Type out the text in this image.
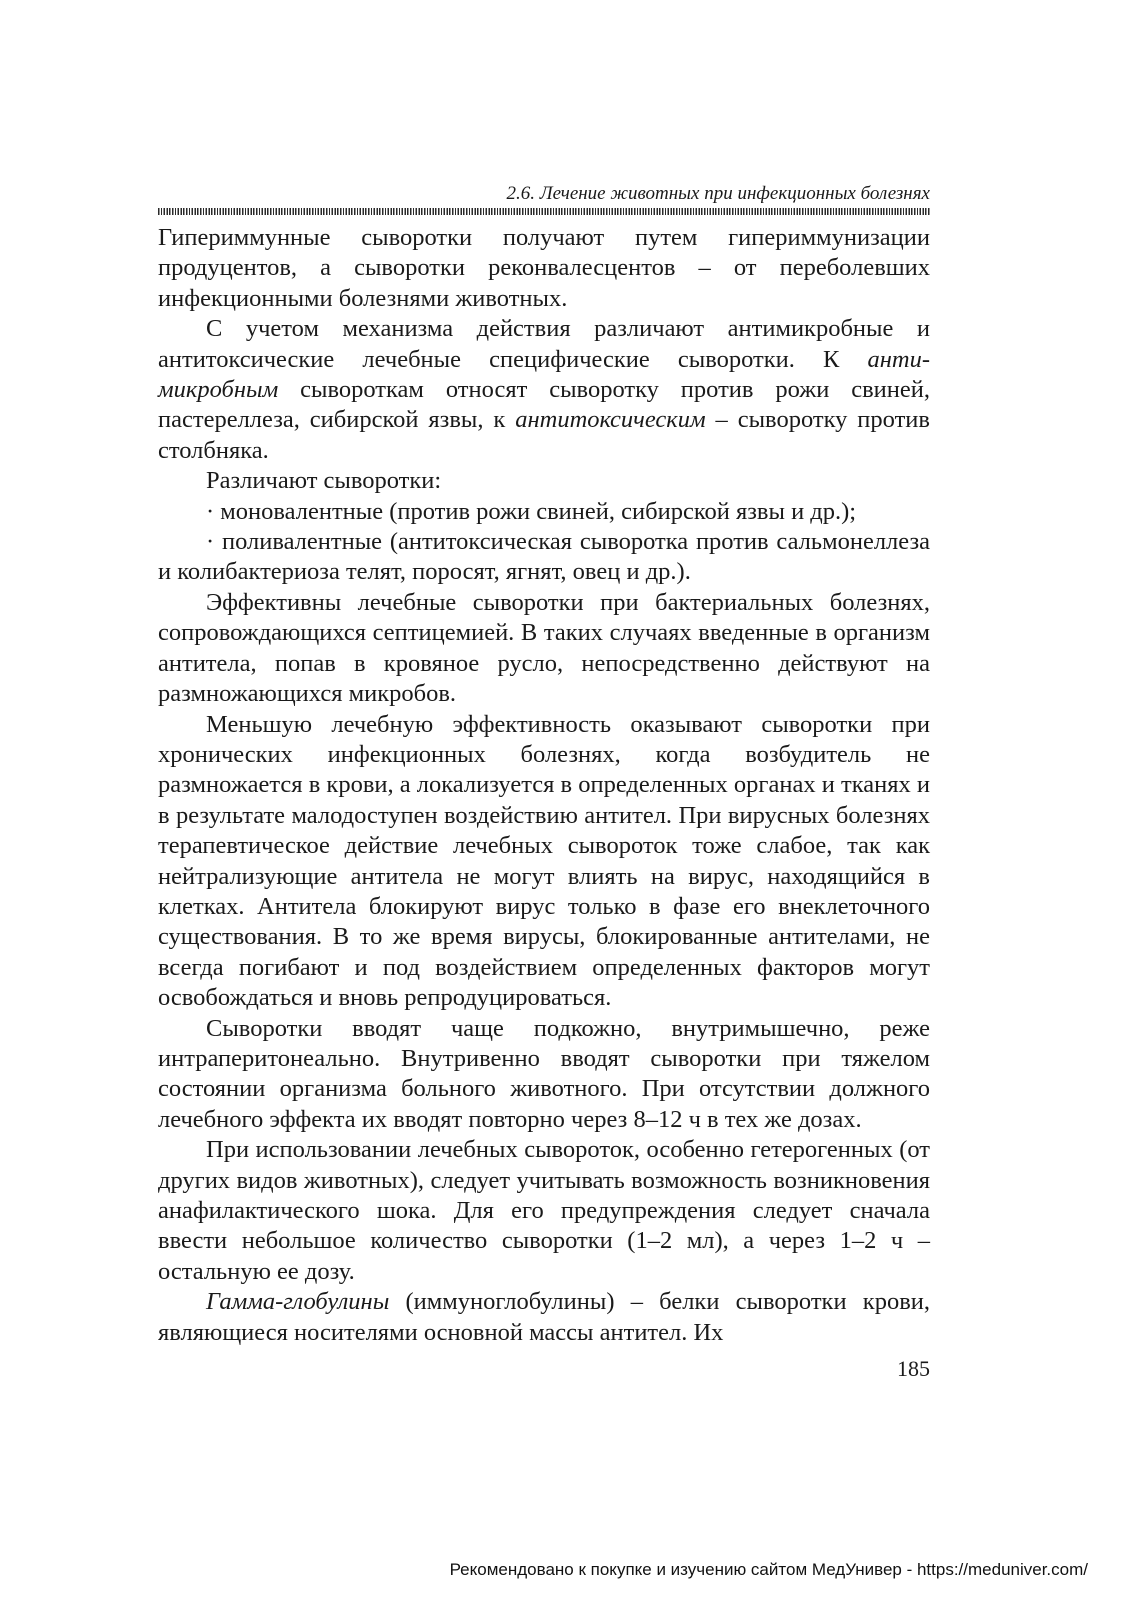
2.6. Лечение животных при инфекционных болезнях

Гипериммунные сыворотки получают путем гипериммунизации продуцентов, а сыворотки реконвалесцентов – от переболевших инфекционными болезнями животных.

С учетом механизма действия различают антимикробные и антитоксические лечебные специфические сыворотки. К антимикробным сывороткам относят сыворотку против рожи свиней, пастереллеза, сибирской язвы, к антитоксическим – сыворотку против столбняка.

Различают сыворотки:

· моновалентные (против рожи свиней, сибирской язвы и др.);

· поливалентные (антитоксическая сыворотка против сальмонеллеза и колибактериоза телят, поросят, ягнят, овец и др.).

Эффективны лечебные сыворотки при бактериальных болезнях, сопровождающихся септицемией. В таких случаях введенные в организм антитела, попав в кровяное русло, непосредственно действуют на размножающихся микробов.

Меньшую лечебную эффективность оказывают сыворотки при хронических инфекционных болезнях, когда возбудитель не размножается в крови, а локализуется в определенных органах и тканях и в результате малодоступен воздействию антител. При вирусных болезнях терапевтическое действие лечебных сывороток тоже слабое, так как нейтрализующие антитела не могут влиять на вирус, находящийся в клетках. Антитела блокируют вирус только в фазе его внеклеточного существования. В то же время вирусы, блокированные антителами, не всегда погибают и под воздействием определенных факторов могут освобождаться и вновь репродуцироваться.

Сыворотки вводят чаще подкожно, внутримышечно, реже интраперитонеально. Внутривенно вводят сыворотки при тяжелом состоянии организма больного животного. При отсутствии должного лечебного эффекта их вводят повторно через 8–12 ч в тех же дозах.

При использовании лечебных сывороток, особенно гетерогенных (от других видов животных), следует учитывать возможность возникновения анафилактического шока. Для его предупреждения следует сначала ввести небольшое количество сыворотки (1–2 мл), а через 1–2 ч – остальную ее дозу.

Гамма-глобулины (иммуноглобулины) – белки сыворотки крови, являющиеся носителями основной массы антител. Их

185
Рекомендовано к покупке и изучению сайтом МедУнивер - https://meduniver.com/
